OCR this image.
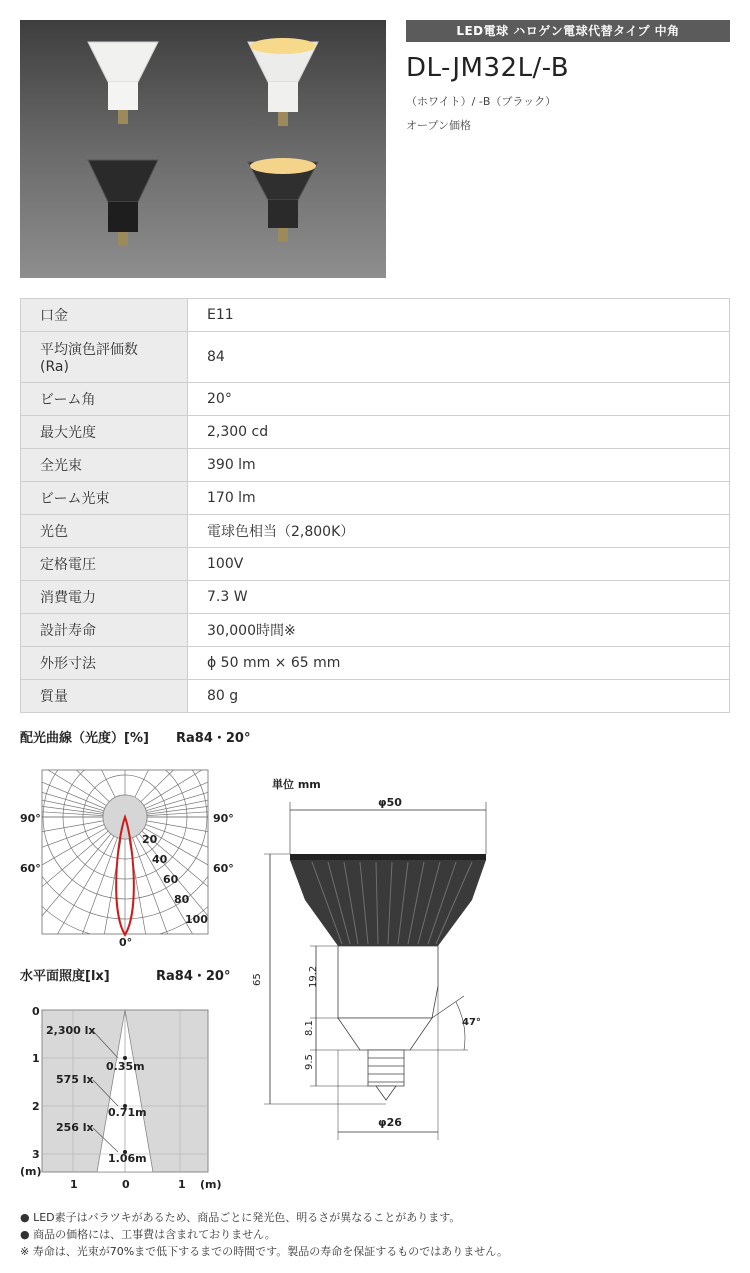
LED電球 ハロゲン電球代替タイプ 中角
DL-JM32L/-B
（ホワイト）/ -B（ブラック）
オープン価格
口金	E11
平均演色評価数
(Ra)	84
ビーム角	20°
最大光度	2,300 cd
全光束	390 lm
ビーム光束	170 lm
光色	電球色相当（2,800K）
定格電圧	100V
消費電力	7.3 W
設計寿命	30,000時間※
外形寸法	ϕ 50 mm × 65 mm
質量	80 g
配光曲線（光度）[%] Ra84・20°
90°	90°
60°	60°
0°
20
40
60
80
100
水平面照度[lx]	Ra84・20°
0
1
2
3
(m)
1	0	1 (m)
2,300 lx
0.35m
575 lx
0.71m
256 lx
1.06m
単位 mm
φ50
65	19.2
8.1
9.5
47°
φ26
● LED素子はバラツキがあるため、商品ごとに発光色、明るさが異なることがあります。
● 商品の価格には、工事費は含まれておりません。
※ 寿命は、光束が70%まで低下するまでの時間です。製品の寿命を保証するものではありません。
